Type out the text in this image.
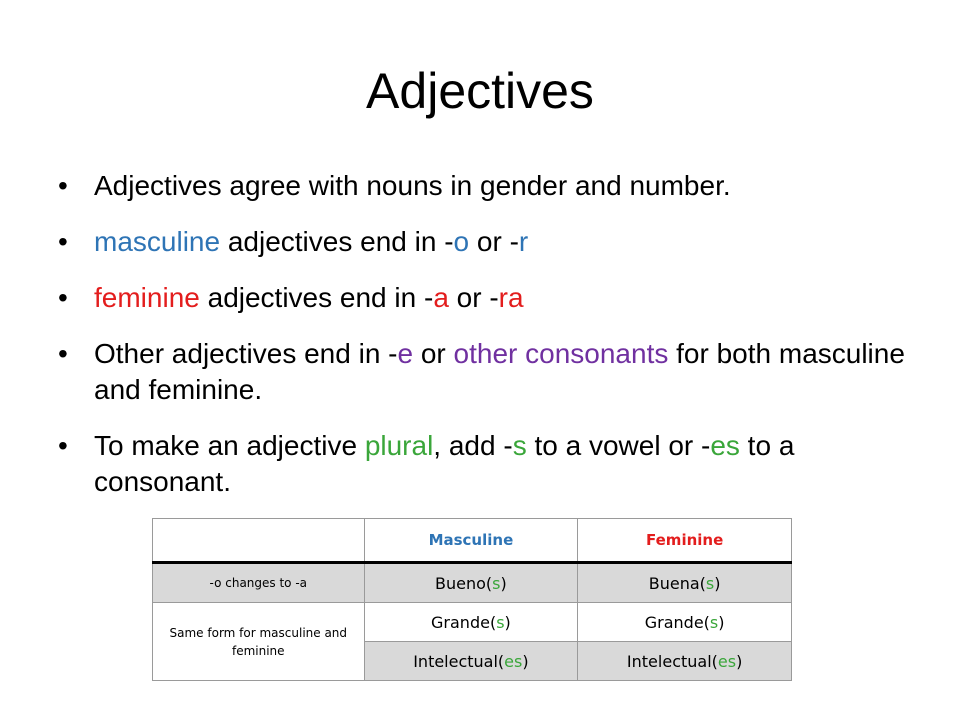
Adjectives
• Adjectives agree with nouns in gender and number.
• masculine adjectives end in -o or -r
• feminine adjectives end in -a or -ra
• Other adjectives end in -e or other consonants for both masculine and feminine.
• To make an adjective plural, add -s to a vowel or -es to a consonant.
	Masculine	Feminine
-o changes to -a	Bueno(s)	Buena(s)
Same form for masculine and feminine	Grande(s)	Grande(s)
	Intelectual(es)	Intelectual(es)
